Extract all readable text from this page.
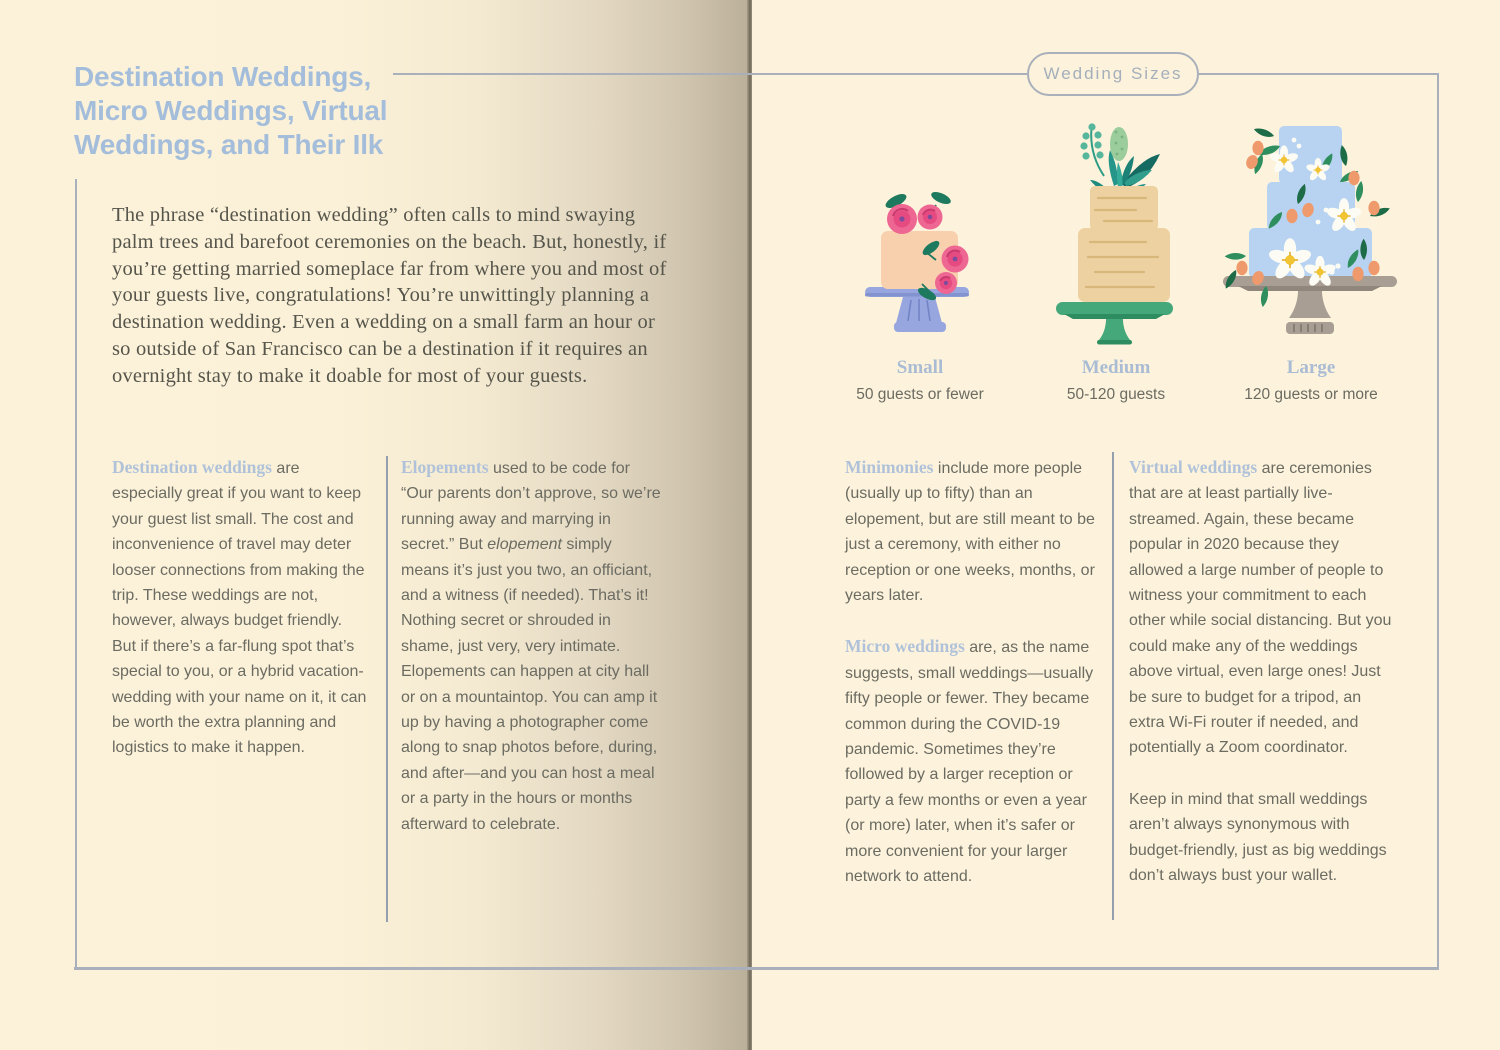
Destination Weddings,
Micro Weddings, Virtual
Weddings, and Their Ilk
The phrase “destination wedding” often calls to mind swaying palm trees and barefoot ceremonies on the beach. But, honestly, if you’re getting married someplace far from where you and most of your guests live, congratulations! You’re unwittingly planning a destination wedding. Even a wedding on a small farm an hour or so outside of San Francisco can be a destination if it requires an overnight stay to make it doable for most of your guests.

Destination weddings are especially great if you want to keep your guest list small. The cost and inconvenience of travel may deter looser connections from making the trip. These weddings are not, however, always budget friendly. But if there’s a far-flung spot that’s special to you, or a hybrid vacation-wedding with your name on it, it can be worth the extra planning and logistics to make it happen.

Elopements used to be code for “Our parents don’t approve, so we’re running away and marrying in secret.” But elopement simply means it’s just you two, an officiant, and a witness (if needed). That’s it! Nothing secret or shrouded in shame, just very, very intimate. Elopements can happen at city hall or on a mountaintop. You can amp it up by having a photographer come along to snap photos before, during, and after—and you can host a meal or a party in the hours or months afterward to celebrate.

Wedding Sizes
Small
50 guests or fewer
Medium
50-120 guests
Large
120 guests or more

Minimonies include more people (usually up to fifty) than an elopement, but are still meant to be just a ceremony, with either no reception or one weeks, months, or years later.

Micro weddings are, as the name suggests, small weddings—usually fifty people or fewer. They became common during the COVID-19 pandemic. Sometimes they’re followed by a larger reception or party a few months or even a year (or more) later, when it’s safer or more convenient for your larger network to attend.

Virtual weddings are ceremonies that are at least partially live-streamed. Again, these became popular in 2020 because they allowed a large number of people to witness your commitment to each other while social distancing. But you could make any of the weddings above virtual, even large ones! Just be sure to budget for a tripod, an extra Wi-Fi router if needed, and potentially a Zoom coordinator.

Keep in mind that small weddings aren’t always synonymous with budget-friendly, just as big weddings don’t always bust your wallet.
